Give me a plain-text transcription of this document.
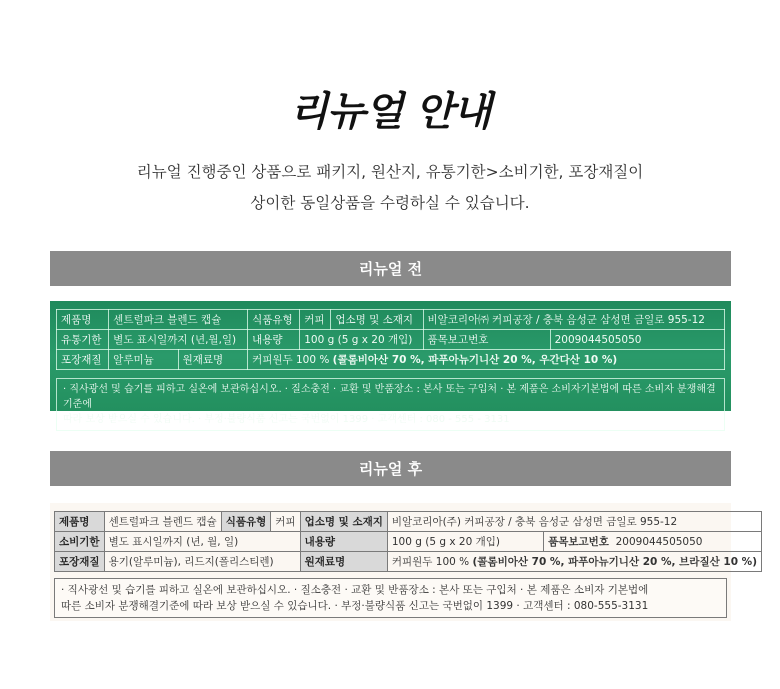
리뉴얼 안내
리뉴얼 진행중인 상품으로 패키지, 원산지, 유통기한>소비기한, 포장재질이
상이한 동일상품을 수령하실 수 있습니다.
리뉴얼 전
제품명	센트럴파크 블렌드 캡슐		식품유형	커피	업소명 및 소재지	비알코리아㈜ 커피공장 / 충북 음성군 삼성면 금일로 955-12	
유통기한	별도 표시일까지 (년,월,일)		내용량	100 g (5 g x 20 개입)		품목보고번호	2009044505050
포장재질	알루미늄	원재료명	커피원두 100 % (콜롬비아산 70 %, 파푸아뉴기니산 20 %, 우간다산 10 %)				
· 직사광선 및 습기를 피하고 실온에 보관하십시오. · 질소충전 · 교환 및 반품장소 : 본사 또는 구입처 · 본 제품은 소비자기본법에 따른 소비자 분쟁해결기준에
따라 보상 받으실 수 있습니다. · 부정·불량식품 신고는 국번없이 1399 · 고객센터 : 080 - 555 - 3131
리뉴얼 후
제품명	센트럴파크 블렌드 캡슐	식품유형	커피	업소명 및 소재지	비알코리아(주) 커피공장 / 충북 음성군 삼성면 금일로 955-12	
소비기한	별도 표시일까지 (년, 월, 일)			내용량	100 g (5 g x 20 개입)	품목보고번호 2009044505050
포장재질	용기(알루미늄), 리드지(폴리스티렌)			원재료명	커피원두 100 % (콜롬비아산 70 %, 파푸아뉴기니산 20 %, 브라질산 10 %)	
· 직사광선 및 습기를 피하고 실온에 보관하십시오. · 질소충전 · 교환 및 반품장소 : 본사 또는 구입처 · 본 제품은 소비자 기본법에
따른 소비자 분쟁해결기준에 따라 보상 받으실 수 있습니다. · 부정·불량식품 신고는 국번없이 1399 · 고객센터 : 080-555-3131
